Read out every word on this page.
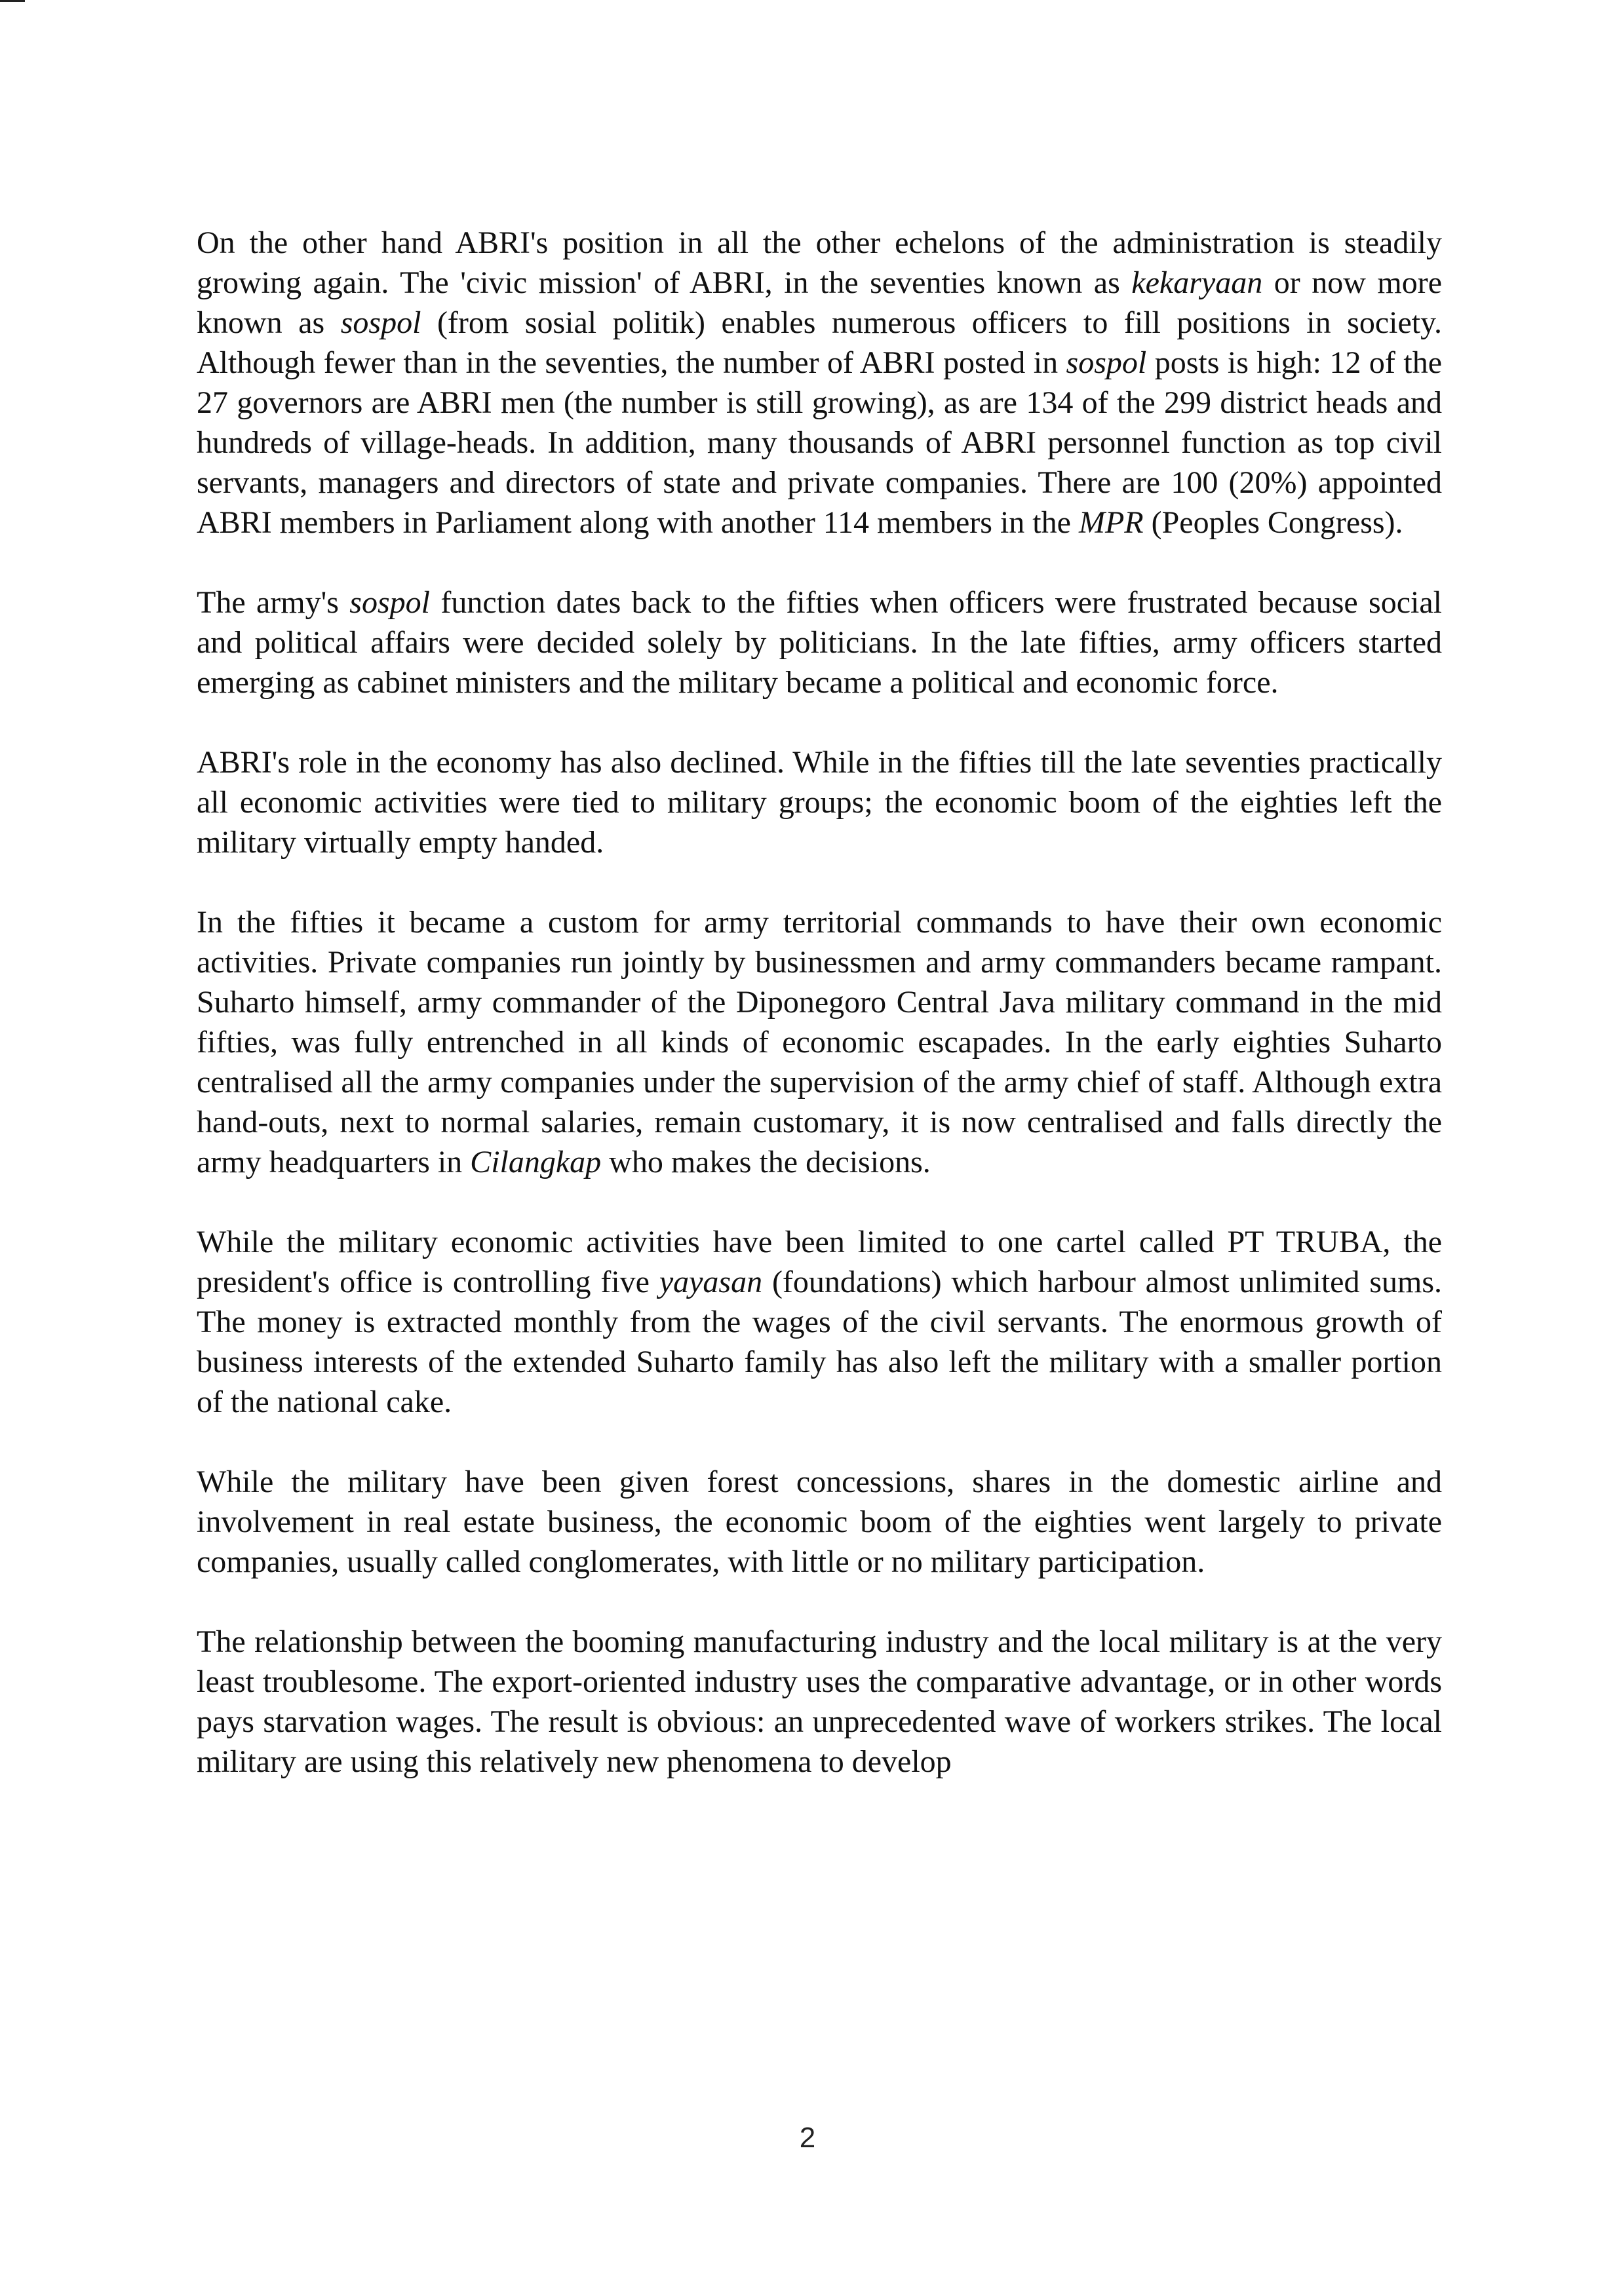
On the other hand ABRI's position in all the other echelons of the administration is steadily growing again. The 'civic mission' of ABRI, in the seventies known as kekaryaan or now more known as sospol (from sosial politik) enables numerous officers to fill positions in society. Although fewer than in the seventies, the number of ABRI posted in sospol posts is high: 12 of the 27 governors are ABRI men (the number is still growing), as are 134 of the 299 district heads and hundreds of village-heads. In addition, many thousands of ABRI personnel function as top civil servants, managers and directors of state and private companies. There are 100 (20%) appointed ABRI members in Parliament along with another 114 members in the MPR (Peoples Congress).

The army's sospol function dates back to the fifties when officers were frustrated because social and political affairs were decided solely by politicians. In the late fifties, army officers started emerging as cabinet ministers and the military became a political and economic force.

ABRI's role in the economy has also declined. While in the fifties till the late seventies practically all economic activities were tied to military groups; the economic boom of the eighties left the military virtually empty handed.

In the fifties it became a custom for army territorial commands to have their own economic activities. Private companies run jointly by businessmen and army commanders became rampant. Suharto himself, army commander of the Diponegoro Central Java military command in the mid fifties, was fully entrenched in all kinds of economic escapades. In the early eighties Suharto centralised all the army companies under the supervision of the army chief of staff. Although extra hand-outs, next to normal salaries, remain customary, it is now centralised and falls directly the army headquarters in Cilangkap who makes the decisions.

While the military economic activities have been limited to one cartel called PT TRUBA, the president's office is controlling five yayasan (foundations) which harbour almost unlimited sums. The money is extracted monthly from the wages of the civil servants. The enormous growth of business interests of the extended Suharto family has also left the military with a smaller portion of the national cake.

While the military have been given forest concessions, shares in the domestic airline and involvement in real estate business, the economic boom of the eighties went largely to private companies, usually called conglomerates, with little or no military participation.

The relationship between the booming manufacturing industry and the local military is at the very least troublesome. The export-oriented industry uses the comparative advantage, or in other words pays starvation wages. The result is obvious: an unprecedented wave of workers strikes. The local military are using this relatively new phenomena to develop

2
